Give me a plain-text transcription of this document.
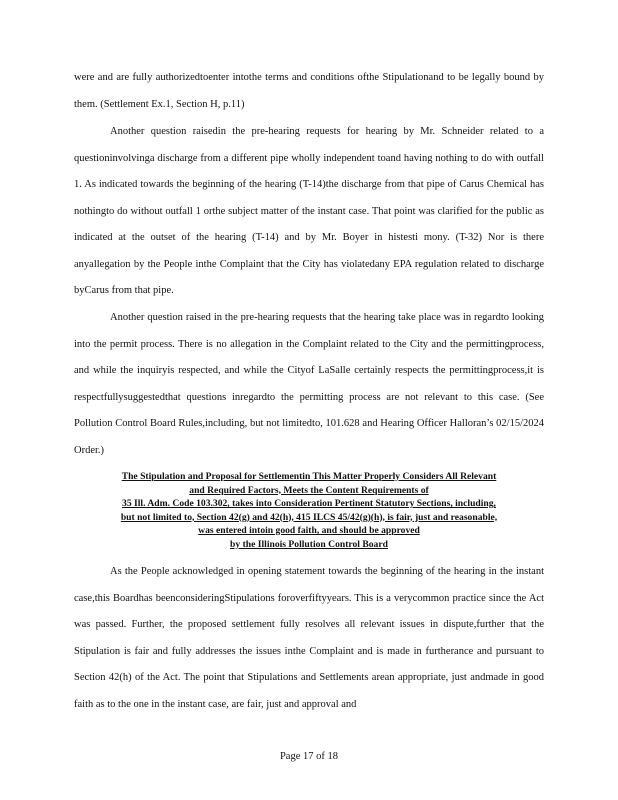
were and are fully authorizedtoenter intothe terms and conditions ofthe Stipulationand to be legally bound by them. (Settlement Ex.1, Section H, p.11)

Another question raisedin the pre-hearing requests for hearing by Mr. Schneider related to a questioninvolvinga discharge from a different pipe wholly independent toand having nothing to do with outfall 1. As indicated towards the beginning of the hearing (T-14)the discharge from that pipe of Carus Chemical has nothingto do without outfall 1 orthe subject matter of the instant case. That point was clarified for the public as indicated at the outset of the hearing (T-14) and by Mr. Boyer in histesti mony. (T-32) Nor is there anyallegation by the People inthe Complaint that the City has violatedany EPA regulation related to discharge byCarus from that pipe.

Another question raised in the pre-hearing requests that the hearing take place was in regardto looking into the permit process. There is no allegation in the Complaint related to the City and the permittingprocess, and while the inquiryis respected, and while the Cityof LaSalle certainly respects the permittingprocess,it is respectfullysuggestedthat questions inregardto the permitting process are not relevant to this case. (See Pollution Control Board Rules,including, but not limitedto, 101.628 and Hearing Officer Halloran’s 02/15/2024 Order.)

The Stipulation and Proposal for Settlementin This Matter Properly Considers All Relevant
and Required Factors, Meets the Content Requirements of
35 Ill. Adm. Code 103.302, takes into Consideration Pertinent Statutory Sections, including,
but not limited to, Section 42(g) and 42(h), 415 ILCS 45/42(g)(h), is fair, just and reasonable,
was entered intoin good faith, and should be approved
by the Illinois Pollution Control Board

As the People acknowledged in opening statement towards the beginning of the hearing in the instant case,this Boardhas beenconsideringStipulations foroverfiftyyears. This is a verycommon practice since the Act was passed. Further, the proposed settlement fully resolves all relevant issues in dispute,further that the Stipulation is fair and fully addresses the issues inthe Complaint and is made in furtherance and pursuant to Section 42(h) of the Act. The point that Stipulations and Settlements arean appropriate, just andmade in good faith as to the one in the instant case, are fair, just and approval and

Page 17 of 18
